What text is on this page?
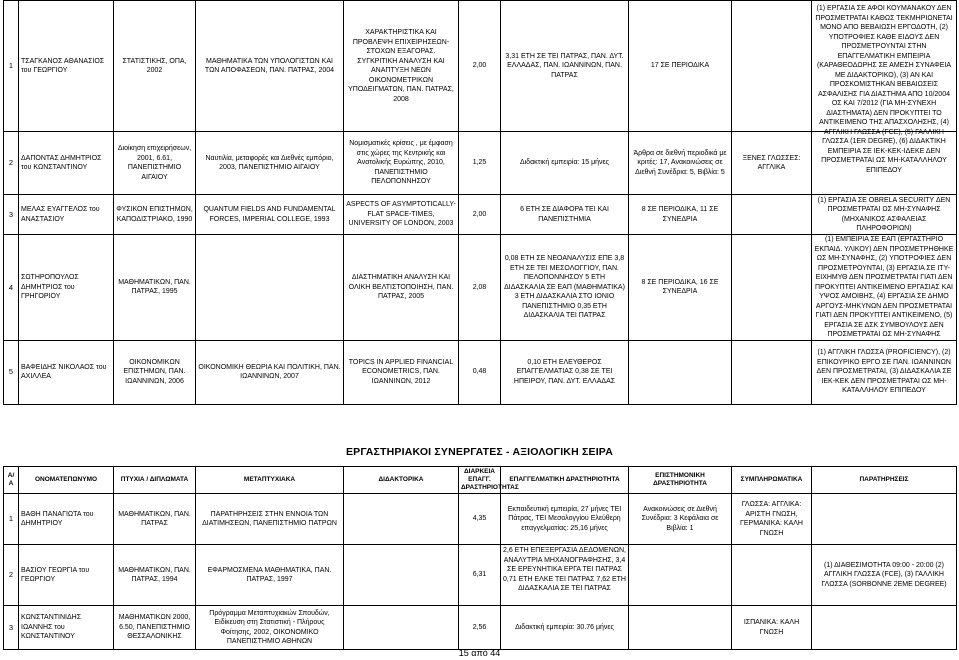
1	ΤΣΑΓΚΑΝΟΣ ΑΘΑΝΑΣΙΟΣ του ΓΕΩΡΓΙΟΥ	ΣΤΑΤΙΣΤΙΚΗΣ, ΟΠΑ, 2002	ΜΑΘΗΜΑΤΙΚΑ ΤΩΝ ΥΠΟΛΟΓΙΣΤΩΝ ΚΑΙ ΤΩΝ ΑΠΟΦΑΣΕΩΝ, ΠΑΝ. ΠΑΤΡΑΣ, 2004	ΧΑΡΑΚΤΗΡΙΣΤΙΚΑ ΚΑΙ ΠΡΟΒΛΕΨΗ ΕΠΙΧΕΙΡΗΣΕΩΝ-ΣΤΟΧΩΝ ΕΞΑΓΟΡΑΣ. ΣΥΓΚΡΙΤΙΚΗ ΑΝΑΛΥΣΗ ΚΑΙ ΑΝΑΠΤΥΞΗ ΝΕΩΝ ΟΙΚΟΝΟΜΕΤΡΙΚΩΝ ΥΠΟΔΕΙΓΜΑΤΩΝ, ΠΑΝ. ΠΑΤΡΑΣ, 2008	2,00	3,31 ΕΤΗ ΣΕ ΤΕΙ ΠΑΤΡΑΣ, ΠΑΝ. ΔΥΤ. ΕΛΛΑΔΑΣ, ΠΑΝ. ΙΩΑΝΝΙΝΩΝ, ΠΑΝ. ΠΑΤΡΑΣ	17 ΣΕ ΠΕΡΙΟΔΙΚΑ		(1) ΕΡΓΑΣΙΑ ΣΕ ΑΦΟΙ ΚΟΥΜΑΝΑΚΟΥ ΔΕΝ ΠΡΟΣΜΕΤΡΑΤΑΙ ΚΑΘΩΣ ΤΕΚΜΗΡΙΩΝΕΤΑΙ ΜΟΝΟ ΑΠΟ ΒΕΒΑΙΩΣΗ ΕΡΓΟΔΟΤΗ, (2) ΥΠΟΤΡΟΦΙΕΣ ΚΑΘΕ ΕΙΔΟΥΣ ΔΕΝ ΠΡΟΣΜΕΤΡΟΥΝΤΑΙ ΣΤΗΝ ΕΠΑΓΓΕΛΜΑΤΙΚΗ ΕΜΠΕΙΡΙΑ (ΚΑΡΑΘΕΟΔΩΡΗΣ ΣΕ ΑΜΕΣΗ ΣΥΝΑΦΕΙΑ ΜΕ ΔΙΔΑΚΤΟΡΙΚΟ), (3) ΑΝ ΚΑΙ ΠΡΟΣΚΟΜΙΣΤΗΚΑΝ ΒΕΒΑΙΩΣΕΙΣ ΑΣΦΑΛΙΣΗΣ ΓΙΑ ΔΙΑΣΤΗΜΑ ΑΠΟ 10/2004 ΟΣ ΚΑΙ 7/2012 (ΓΙΑ ΜΗ-ΣΥΝΕΧΗ ΔΙΑΣΤΗΜΑΤΑ) ΔΕΝ ΠΡΟΚΥΠΤΕΙ ΤΟ ΑΝΤΙΚΕΙΜΕΝΟ ΤΗΣ ΑΠΑΣΧΟΛΗΣΗΣ, (4) ΑΓΓΛΙΚΗ ΓΛΩΣΣΑ (FCE), (5) ΓΑΛΛΙΚΗ ΓΛΩΣΣΑ (1ER DEGRE), (6) ΔΙΔΑΚΤΙΚΗ ΕΜΠΕΙΡΙΑ ΣΕ ΙΕΚ-ΚΕΚ-ΙΔΕΚΕ ΔΕΝ ΠΡΟΣΜΕΤΡΑΤΑΙ ΩΣ ΜΗ-ΚΑΤΑΛΛΗΛΟΥ ΕΠΙΠΕΔΟΥ

2	ΔΑΠΟΝΤΑΣ ΔΗΜΗΤΡΙΟΣ του ΚΩΝΣΤΑΝΤΙΝΟΥ	Διοίκηση επιχειρήσεων, 2001, 6.61, ΠΑΝΕΠΙΣΤΗΜΙΟ ΑΙΓΑΙΟΥ	Ναυτιλία, μεταφορές και Διεθνές εμπόριο, 2003, ΠΑΝΕΠΙΣΤΗΜΙΟ ΑΙΓΑΙΟΥ	Νομισματικές κρίσεις , με έμφαση στις χώρες της Κεντρικής και Ανατολικής Ευρώπης, 2010, ΠΑΝΕΠΙΣΤΗΜΙΟ ΠΕΛΟΠΟΝΝΗΣΟΥ	1,25	Διδακτική εμπειρία: 15 μήνες	Άρθρα σε διεθνή περιοδικά με κριτές: 17, Ανακοινώσεις σε Διεθνή Συνέδρια: 5, Βιβλία: 5	ΞΕΝΕΣ ΓΛΩΣΣΕΣ: ΑΓΓΛΙΚΑ	
3	ΜΕΛΑΣ ΕΥΑΓΓΕΛΟΣ του ΑΝΑΣΤΑΣΙΟΥ	ΦΥΣΙΚΟΝ ΕΠΙΣΤΗΜΩΝ, ΚΑΠΟΔΙΣΤΡΙΑΚΟ, 1990	QUANTUM FIELDS AND FUNDAMENTAL FORCES, IMPERIAL COLLEGE, 1993	ASPECTS OF ASYMPTOTICALLY-FLAT SPACE-TIMES, UNIVERSITY OF LONDON, 2003	2,00	6 ΕΤΗ ΣΕ ΔΙΑΦΟΡΑ ΤΕΙ ΚΑΙ ΠΑΝΕΠΙΣΤΗΜΙΑ	8 ΣΕ ΠΕΡΙΟΔΙΚΑ, 11 ΣΕ ΣΥΝΕΔΡΙΑ		(1) ΕΡΓΑΣΙΑ ΣΕ OBRELA SECURITY ΔΕΝ ΠΡΟΣΜΕΤΡΑΤΑΙ ΩΣ ΜΗ-ΣΥΝΑΦΗΣ (ΜΗΧΑΝΙΚΟΣ ΑΣΦΑΛΕΙΑΣ ΠΛΗΡΟΦΟΡΙΩΝ)
4	ΣΩΤΗΡΟΠΟΥΛΟΣ ΔΗΜΗΤΡΙΟΣ του ΓΡΗΓΟΡΙΟΥ	ΜΑΘΗΜΑΤΙΚΩΝ, ΠΑΝ. ΠΑΤΡΑΣ, 1995		ΔΙΑΣΤΗΜΑΤΙΚΗ ΑΝΑΛΥΣΗ ΚΑΙ ΟΛΙΚΗ ΒΕΛΤΙΣΤΟΠΟΙΗΣΗ, ΠΑΝ. ΠΑΤΡΑΣ, 2005	2,08	0,08 ΕΤΗ ΣΕ ΝΕΟΑΝΑΛΥΣΙΣ ΕΠΕ 3,8 ΕΤΗ ΣΕ ΤΕΙ ΜΕΣΟΛΟΓΓΙΟΥ, ΠΑΝ. ΠΕΛΟΠΟΝΝΗΣΟΥ 5 ΕΤΗ ΔΙΔΑΣΚΑΛΙΑ ΣΕ ΕΑΠ (ΜΑΘΗΜΑΤΙΚΑ) 3 ΕΤΗ ΔΙΔΑΣΚΑΛΙΑ ΣΤΟ ΙΟΝΙΟ ΠΑΝΕΠΙΣΤΗΜΙΟ 0,35 ΕΤΗ ΔΙΔΑΣΚΑΛΙΑ ΤΕΙ ΠΑΤΡΑΣ	8 ΣΕ ΠΕΡΙΟΔΙΚΑ, 16 ΣΕ ΣΥΝΕΔΡΙΑ		(1) ΕΜΠΕΙΡΙΑ ΣΕ ΕΑΠ (ΕΡΓΑΣΤΗΡΙΟ ΕΚΠΑΙΔ. ΥΛΙΚΟΥ) ΔΕΝ ΠΡΟΣΜΕΤΡΗΘΗΚΕ ΩΣ ΜΗ-ΣΥΝΑΦΗΣ, (2) ΥΠΟΤΡΟΦΙΕΣ ΔΕΝ ΠΡΟΣΜΕΤΡΟΥΝΤΑΙ, (3) ΕΡΓΑΣΙΑ ΣΕ ΙΤΥ-ΕΙΧΗΜΥΘ ΔΕΝ ΠΡΟΣΜΕΤΡΑΤΑΙ ΓΙΑΤΙ ΔΕΝ ΠΡΟΚΥΠΤΕΙ ΑΝΤΙΚΕΙΜΕΝΟ ΕΡΓΑΣΙΑΣ ΚΑΙ ΥΨΟΣ ΑΜΟΙΒΗΣ, (4) ΕΡΓΑΣΙΑ ΣΕ ΔΗΜΟ ΑΡΓΟΥΣ-ΜΗΚΥΝΩΝ ΔΕΝ ΠΡΟΣΜΕΤΡΑΤΑΙ ΓΙΑΤΙ ΔΕΝ ΠΡΟΚΥΠΤΕΙ ΑΝΤΙΚΕΙΜΕΝΟ, (5) ΕΡΓΑΣΙΑ ΣΕ ΔΣΚ ΣΥΜΒΟΥΛΟΥΣ ΔΕΝ ΠΡΟΣΜΕΤΡΑΤΑΙ ΩΣ ΜΗ-ΣΥΝΑΦΗΣ
5	ΒΑΦΕΙΔΗΣ ΝΙΚΟΛΑΟΣ του ΑΧΙΛΛΕΑ	ΟΙΚΟΝΟΜΙΚΩΝ ΕΠΙΣΤΗΜΩΝ, ΠΑΝ. ΙΩΑΝΝΙΝΩΝ, 2006	ΟΙΚΟΝΟΜΙΚΗ ΘΕΩΡΙΑ ΚΑΙ ΠΟΛΙΤΙΚΗ, ΠΑΝ. ΙΩΑΝΝΙΝΩΝ, 2007	TOPICS IN APPLIED FINANCIAL ECONOMETRICS, ΠΑΝ. ΙΩΑΝΝΙΝΩΝ, 2012	0,48	0,10 ΕΤΗ ΕΛΕΥΘΕΡΟΣ ΕΠΑΓΓΕΛΜΑΤΙΑΣ 0,38 ΣΕ ΤΕΙ ΗΠΕΙΡΟΥ, ΠΑΝ. ΔΥΤ. ΕΛΛΑΔΑΣ			(1) ΑΓΓΛΙΚΗ ΓΛΩΣΣΑ (PROFICIENCY), (2) ΕΠΙΚΟΥΡΙΚΟ ΕΡΓΟ ΣΕ ΠΑΝ. ΙΩΑΝΝΙΝΩΝ ΔΕΝ ΠΡΟΣΜΕΤΡΑΤΑΙ, (3) ΔΙΔΑΣΚΑΛΙΑ ΣΕ ΙΕΚ-ΚΕΚ ΔΕΝ ΠΡΟΣΜΕΤΡΑΤΑΙ ΩΣ ΜΗ-ΚΑΤΑΛΛΗΛΟΥ ΕΠΙΠΕΔΟΥ
ΕΡΓΑΣΤΗΡΙΑΚΟΙ ΣΥΝΕΡΓΑΤΕΣ - ΑΞΙΟΛΟΓΙΚΗ ΣΕΙΡΑ
Α/Α	ΟΝΟΜΑΤΕΠΩΝΥΜΟ	ΠΤΥΧΙΑ / ΔΙΠΛΩΜΑΤΑ	ΜΕΤΑΠΤΥΧΙΑΚΑ	ΔΙΔΑΚΤΟΡΙΚΑ	ΔΙΑΡΚΕΙΑ ΕΠΑΓΓ. ΔΡΑΣΤΗΡΙΟΤΗΤΑΣ	ΕΠΑΓΓΕΛΜΑΤΙΚΗ ΔΡΑΣΤΗΡΙΟΤΗΤΑ	ΕΠΙΣΤΗΜΟΝΙΚΗ ΔΡΑΣΤΗΡΙΟΤΗΤΑ	ΣΥΜΠΛΗΡΩΜΑΤΙΚΑ	ΠΑΡΑΤΗΡΗΣΕΙΣ
1	ΒΑΘΗ ΠΑΝΑΓΙΩΤΑ του ΔΗΜΗΤΡΙΟΥ	ΜΑΘΗΜΑΤΙΚΩΝ, ΠΑΝ. ΠΑΤΡΑΣ	ΠΑΡΑΤΗΡΗΣΕΙΣ ΣΤΗΝ ΕΝΝΟΙΑ ΤΩΝ ΔΙΑΤΙΜΗΣΕΩΝ, ΠΑΝΕΠΙΣΤΗΜΙΟ ΠΑΤΡΩΝ		4,35	Εκπαιδευτική εμπειρία, 27 μήνες ΤΕΙ Πάτρας, ΤΕΙ Μεσολογγίου Ελεύθερη επαγγελματίας: 25,16 μήνες	Ανακοινώσεις σε Διεθνή Συνέδρια: 3 Κεφάλαια σε Βιβλία: 1	ΓΛΩΣΣΑ: ΑΓΓΛΙΚΑ: ΑΡΙΣΤΗ ΓΝΩΣΗ, ΓΕΡΜΑΝΙΚΑ: ΚΑΛΗ ΓΝΩΣΗ	
2	ΒΑΣΙΟΥ ΓΕΩΡΓΙΑ του ΓΕΩΡΓΙΟΥ	ΜΑΘΗΜΑΤΙΚΩΝ, ΠΑΝ. ΠΑΤΡΑΣ, 1994	ΕΦΑΡΜΟΣΜΕΝΑ ΜΑΘΗΜΑΤΙΚΑ, ΠΑΝ. ΠΑΤΡΑΣ, 1997		6,31	2,6 ΕΤΗ ΕΠΕΞΕΡΓΑΣΙΑ ΔΕΔΟΜΕΝΩΝ, ΑΝΑΛΥΤΡΙΑ ΜΗΧΑΝΟΓΡΑΦΗΣΗΣ, 3,4 ΣΕ ΕΡΕΥΝΗΤΙΚΑ ΕΡΓΑ ΤΕΙ ΠΑΤΡΑΣ 0,71 ΕΤΗ ΕΛΚΕ ΤΕΙ ΠΑΤΡΑΣ 7,62 ΕΤΗ ΔΙΔΑΣΚΑΛΙΑ ΣΕ ΤΕΙ ΠΑΤΡΑΣ			(1) ΔΙΑΘΕΣΙΜΟΤΗΤΑ 09:00 - 20:00 (2) ΑΓΓΛΙΚΗ ΓΛΩΣΣΑ (FCE), (3) ΓΑΛΛΙΚΗ ΓΛΩΣΣΑ (SORBONNE 2EME DEGREE)
3	ΚΩΝΣΤΑΝΤΙΝΙΔΗΣ ΙΩΑΝΝΗΣ του ΚΩΝΣΤΑΝΤΙΝΟΥ	ΜΑΘΗΜΑΤΙΚΩΝ 2000, 6.50, ΠΑΝΕΠΙΣΤΗΜΙΟ ΘΕΣΣΑΛΟΝΙΚΗΣ	Πρόγραμμα Μεταπτυχιακών Σπουδών, Ειδίκευση στη Στατιστική - Πλήρους Φοίτησης, 2002, ΟΙΚΟΝΟΜΙΚΟ ΠΑΝΕΠΙΣΤΗΜΙΟ ΑΘΗΝΩΝ		2,56	Διδακτική εμπειρία: 30.76 μήνες		ΙΣΠΑΝΙΚΑ: ΚΑΛΗ ΓΝΩΣΗ	
15 από 44
